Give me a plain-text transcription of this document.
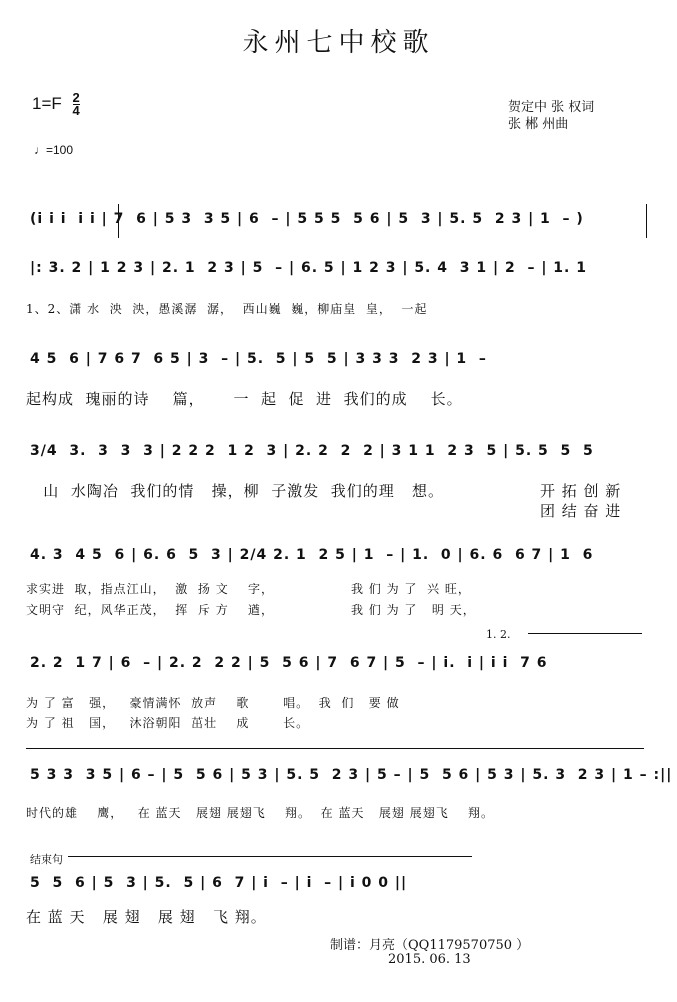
永州七中校歌
$1=F \frac{2}{4}$	贺定中 张 权词
张 郴 州曲
♩=100
(i i i  i i | 7  6 | 5 3  3 5 | 6  – | 5 5 5  5 6 | 5  3 | 5. 5  2 3 | 1  – )
|: 3. 2 | 1 2 3 | 2. 1  2 3 | 5  – | 6. 5 | 1 2 3 | 5. 4  3 1 | 2  – | 1. 1
1、2、潇 水  泱  泱，愚溪潺  潺，  西山巍  巍，柳庙皇  皇，  一起
4 5  6 | 7 6 7  6 5 | 3  – | 5.  5 | 5  5 | 3 3 3  2 3 | 1  –
起构成  瑰丽的诗    篇，     一  起  促  进  我们的成    长。
3/4  3.  3  3  3 | 2 2 2  1 2  3 | 2. 2  2  2 | 3 1 1  2 3  5 | 5. 5  5  5
山  水陶冶  我们的情   操，柳  子激发  我们的理   想。	开 拓 创 新
团 结 奋 进
4. 3  4 5  6 | 6. 6  5  3 | 2/4 2. 1  2 5 | 1  – | 1.  0 | 6. 6  6 7 | 1  6
求实进  取，指点江山，  激  扬 文    字，                我 们 为 了  兴 旺，
文明守  纪，风华正茂，  挥  斥 方    遒，                我 们 为 了   明 天，
1. 2.
2. 2  1 7 | 6  – | 2. 2  2 2 | 5  5 6 | 7  6 7 | 5  – | i.  i | i i  7 6
为 了 富   强，   豪情满怀  放声    歌       唱。  我  们   要 做
为 了 祖   国，   沐浴朝阳  茁壮    成       长。
5 3 3  3 5 | 6 – | 5  5 6 | 5 3 | 5. 5  2 3 | 5 – | 5  5 6 | 5 3 | 5. 3  2 3 | 1 – :||
时代的雄    鹰，   在 蓝天   展翅 展翅飞    翔。  在 蓝天   展翅 展翅飞    翔。
结束句
5  5  6 | 5  3 | 5.  5 | 6  7 | i  – | i  – | i 0 0 ||
在 蓝 天   展 翅   展 翅   飞 翔。
制谱：月亮（QQ1179570750 ）
2015. 06. 13
